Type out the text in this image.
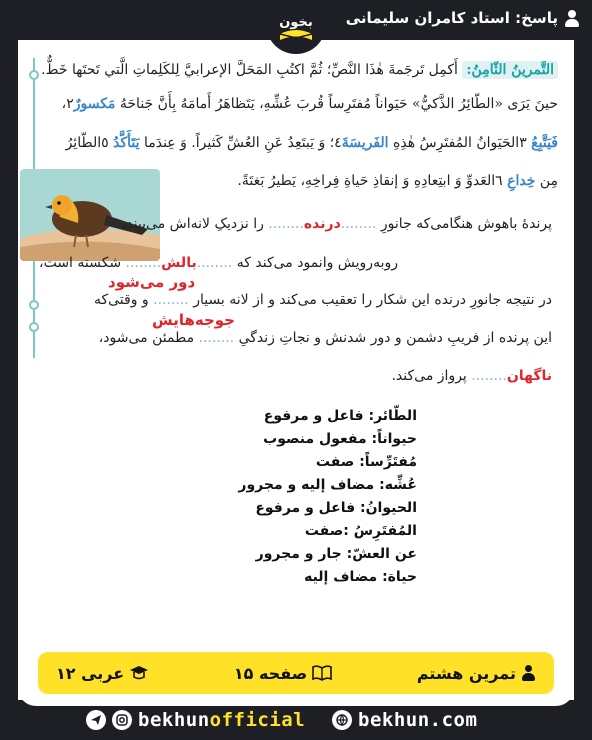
پاسخ: استاد کامران سلیمانی
بخون
التَّمرينُ الثّامِنُ: أَكمِل تَرجَمةَ هٰذَا النَّصِّ؛ ثُمَّ اكتُبِ المَحَلَّ الإعرابيَّ لِلكَلِماتِ الَّتي تَحتَها خَطٌّ.
حينَ يَرَى «الطّائِرُ الذَّكيُّ» حَيَواناً مُفتَرِساً قُربَ عُشِّهِ، يَتَظاهَرُ أَمامَهُ بِأَنَّ جَناحَهُ مَكسورٌ٢،
فَيَتَّبِعُ ٣الحَيَوانُ المُفتَرِسُ هٰذِهِ الفَريسَةَ٤؛ وَ يَبتَعِدُ عَنِ العُشِّ كَثيراً. وَ عِندَما يَتَأَكَّدُ ٥الطّائِرُ
مِن خِداعِ ٦العَدوِّ وَ ابتِعادِهِ وَ إنقاذِ حَياةِ فِراخِهِ، يَطيرُ بَغتَةً.
پرندۀ باهوش هنگامی‌که جانورِ ........درنده........ را نزدیکِ لانه‌اش می‌بیند،
روبه‌رویش وانمود می‌کند که ........بالش........ شکسته است،
دور می‌شود
در نتیجه جانورِ درنده این شکار را تعقیب می‌کند و از لانه بسیار ........ و وقتی‌که
جوجه‌هایش
این پرنده از فریبِ دشمن و دور شدنش و نجاتِ زندگیِ ........ مطمئن می‌شود،
ناگهان........ پرواز می‌کند.
الطّائر: فاعل و مرفوع
حیواناً: مفعول منصوب
مُفتَرِّساً: صفت
عُشِّه: مضاف إلیه و مجرور
الحیوانُ: فاعل و مرفوع
المُفتَرِسُ :صفت
عن العشّ: جار و مجرور
حیاة: مضاف إلیه
تمرین هشتم
صفحه ۱۵
عربی ۱۲
bekhunofficial	bekhun.com
